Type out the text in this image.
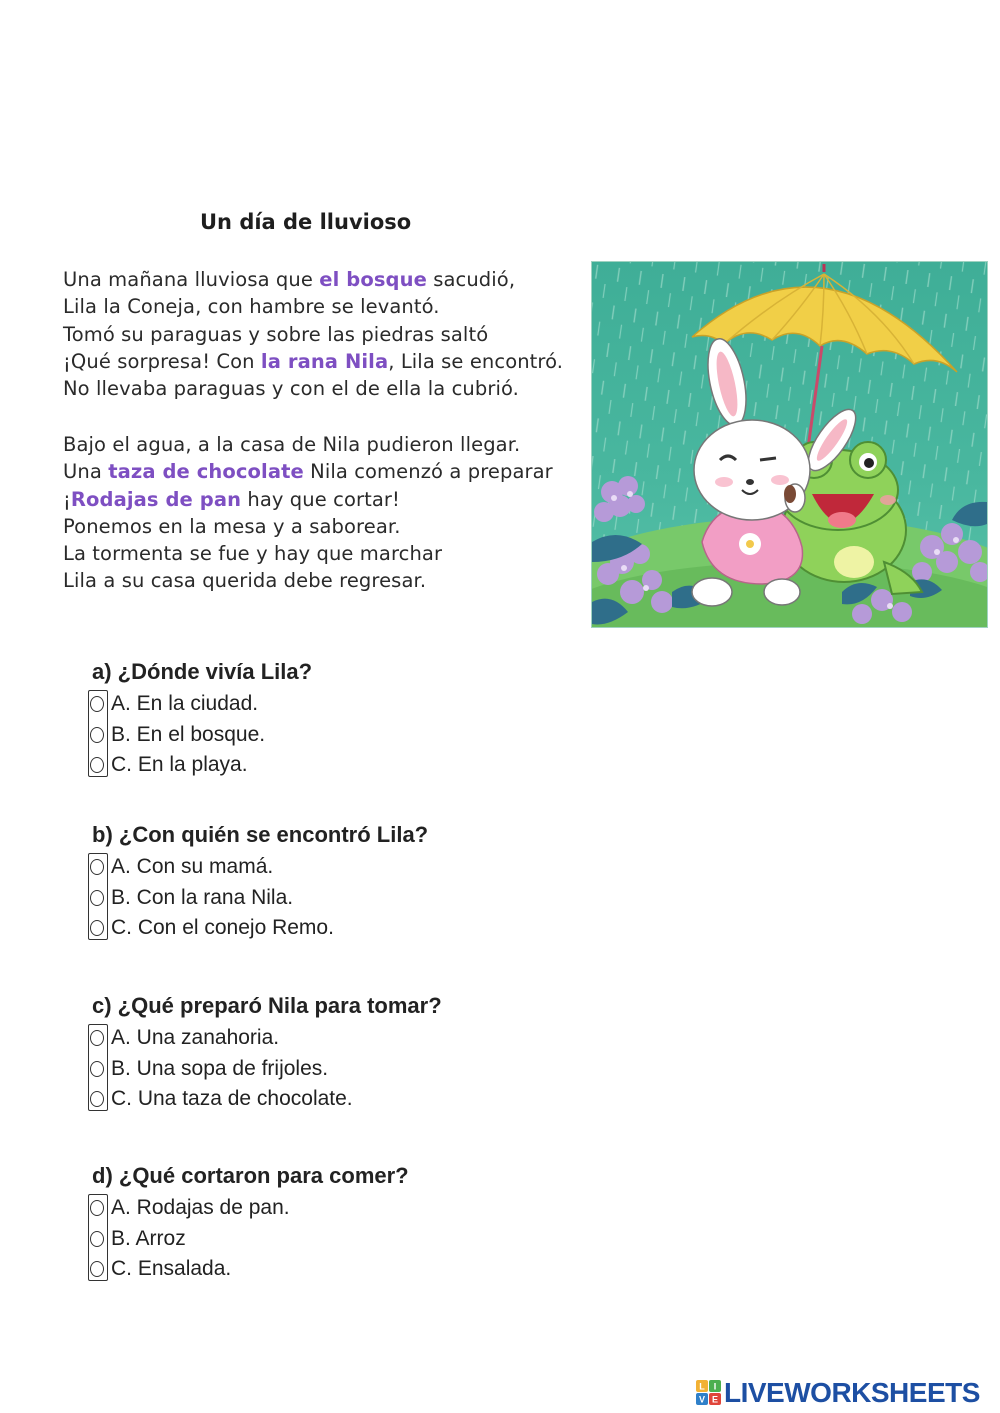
Un día de lluvioso
Una mañana lluviosa que el bosque sacudió,
Lila la Coneja, con hambre se levantó.
Tomó su paraguas y sobre las piedras saltó
¡Qué sorpresa! Con la rana Nila, Lila se encontró.
No llevaba paraguas y con el de ella la cubrió.
Bajo el agua, a la casa de Nila pudieron llegar.
Una taza de chocolate Nila comenzó a preparar
¡Rodajas de pan hay que cortar!
Ponemos en la mesa y a saborear.
La tormenta se fue y hay que marchar
Lila a su casa querida debe regresar.
a) ¿Dónde vivía Lila?
A. En la ciudad.
B. En el bosque.
C. En la playa.
b) ¿Con quién se encontró Lila?
A. Con su mamá.
B. Con la rana Nila.
C. Con el conejo Remo.
c) ¿Qué preparó Nila para tomar?
A. Una zanahoria.
B. Una sopa de frijoles.
C. Una taza de chocolate.
d) ¿Qué cortaron para comer?
A. Rodajas de pan.
B. Arroz
C. Ensalada.
L I
V E LIVEWORKSHEETS
